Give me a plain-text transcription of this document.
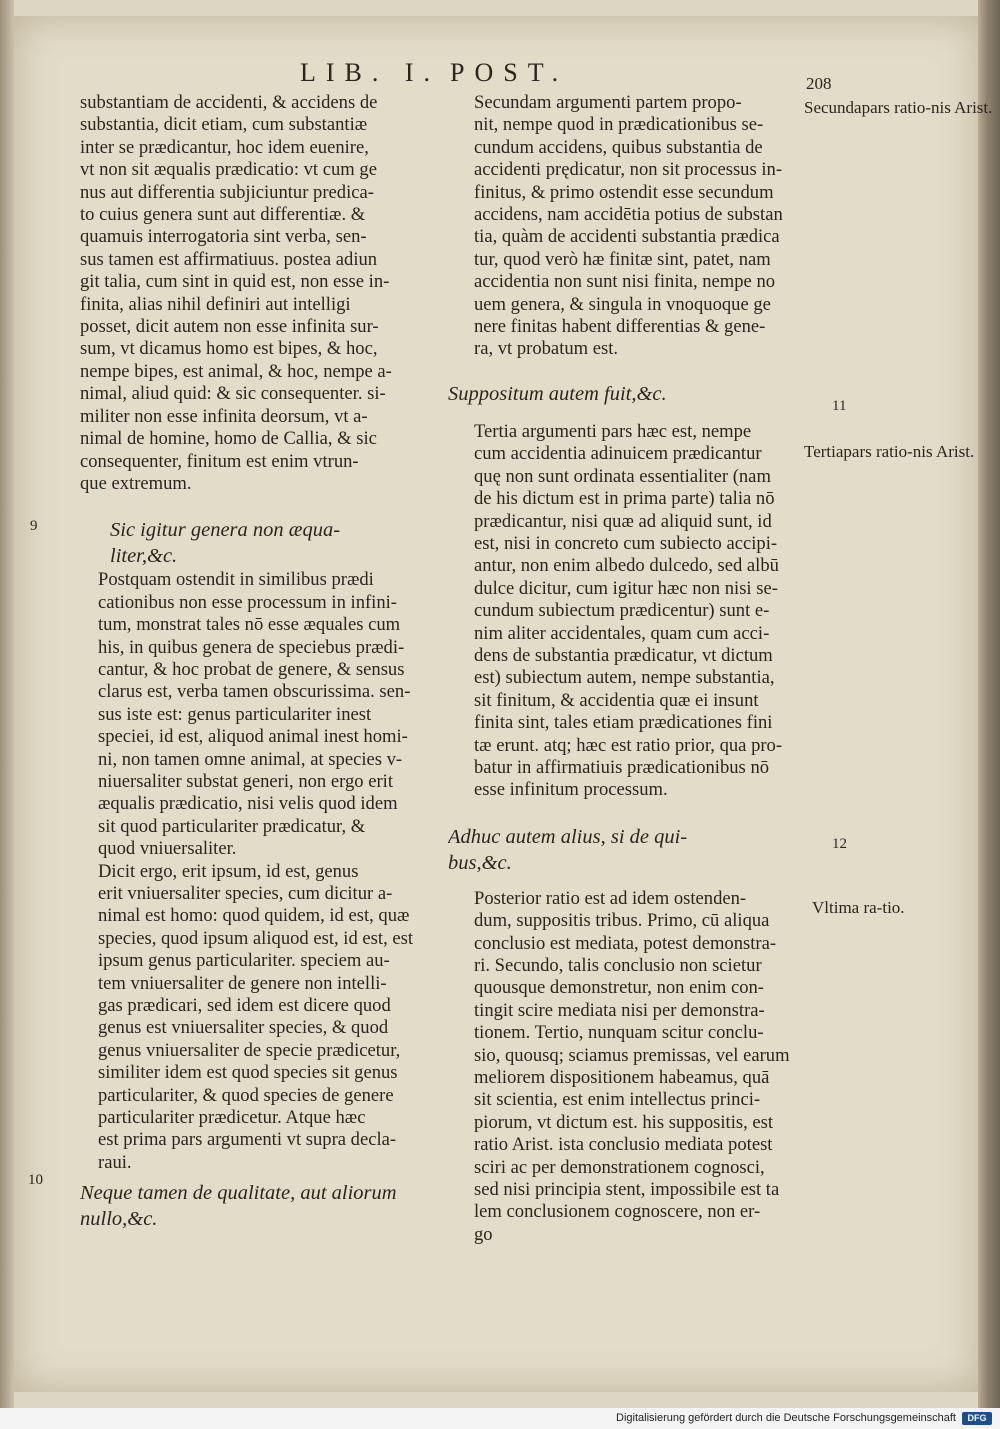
LIB. I. POST.	208

substantiam de accidenti, & accidens de
substantia, dicit etiam, cum substantiæ
inter se prædicantur, hoc idem euenire,
vt non sit æqualis prædicatio: vt cum ge
nus aut differentia subjiciuntur predica-
to cuius genera sunt aut differentiæ. &
quamuis interrogatoria sint verba, sen-
sus tamen est affirmatiuus. postea adiun
git talia, cum sint in quid est, non esse in-
finita, alias nihil definiri aut intelligi
posset, dicit autem non esse infinita sur-
sum, vt dicamus homo est bipes, & hoc,
nempe bipes, est animal, & hoc, nempe a-
nimal, aliud quid: & sic consequenter. si-
militer non esse infinita deorsum, vt a-
nimal de homine, homo de Callia, & sic
consequenter, finitum est enim vtrun-
que extremum.

Sic igitur genera non æqua-
liter,&c.

Postquam ostendit in similibus prædi
cationibus non esse processum in infini-
tum, monstrat tales nō esse æquales cum
his, in quibus genera de speciebus prædi-
cantur, & hoc probat de genere, & sensus
clarus est, verba tamen obscurissima. sen-
sus iste est: genus particulariter inest
speciei, id est, aliquod animal inest homi-
ni, non tamen omne animal, at species v-
niuersaliter substat generi, non ergo erit
æqualis prædicatio, nisi velis quod idem
sit quod particulariter prædicatur, &
quod vniuersaliter.

Dicit ergo, erit ipsum, id est, genus
erit vniuersaliter species, cum dicitur a-
nimal est homo: quod quidem, id est, quæ
species, quod ipsum aliquod est, id est, est
ipsum genus particulariter. speciem au-
tem vniuersaliter de genere non intelli-
gas prædicari, sed idem est dicere quod
genus est vniuersaliter species, & quod
genus vniuersaliter de specie prædicetur,
similiter idem est quod species sit genus
particulariter, & quod species de genere
particulariter prædicetur. Atque hæc
est prima pars argumenti vt supra decla-
raui.

Neque tamen de qualitate, aut aliorum
nullo,&c.

Secundam argumenti partem propo-
nit, nempe quod in prædicationibus se-
cundum accidens, quibus substantia de
accidenti prędicatur, non sit processus in-
finitus, & primo ostendit esse secundum
accidens, nam accidētia potius de substan
tia, quàm de accidenti substantia prædica
tur, quod verò hæ finitæ sint, patet, nam
accidentia non sunt nisi finita, nempe no
uem genera, & singula in vnoquoque ge
nere finitas habent differentias & gene-
ra, vt probatum est.

Suppositum autem fuit,&c.

Tertia argumenti pars hæc est, nempe
cum accidentia adinuicem prædicantur
quę non sunt ordinata essentialiter (nam
de his dictum est in prima parte) talia nō
prædicantur, nisi quæ ad aliquid sunt, id
est, nisi in concreto cum subiecto accipi-
antur, non enim albedo dulcedo, sed albū
dulce dicitur, cum igitur hæc non nisi se-
cundum subiectum prædicentur) sunt e-
nim aliter accidentales, quam cum acci-
dens de substantia prædicatur, vt dictum
est) subiectum autem, nempe substantia,
sit finitum, & accidentia quæ ei insunt
finita sint, tales etiam prædicationes fini
tæ erunt. atq; hæc est ratio prior, qua pro-
batur in affirmatiuis prædicationibus nō
esse infinitum processum.

Adhuc autem alius, si de qui-
bus,&c.

Posterior ratio est ad idem ostenden-
dum, suppositis tribus. Primo, cū aliqua
conclusio est mediata, potest demonstra-
ri. Secundo, talis conclusio non scietur
quousque demonstretur, non enim con-
tingit scire mediata nisi per demonstra-
tionem. Tertio, nunquam scitur conclu-
sio, quousq; sciamus premissas, vel earum
meliorem dispositionem habeamus, quā
sit scientia, est enim intellectus princi-
piorum, vt dictum est. his suppositis, est
ratio Arist. ista conclusio mediata potest
sciri ac per demonstrationem cognosci,
sed nisi principia stent, impossibile est ta
lem conclusionem cognoscere, non er-
go

Secundapars ratio-nis Arist.
Tertiapars ratio-nis Arist.
Vltima ra-tio.
9
10
11
12
Digitalisierung gefördert durch die Deutsche Forschungsgemeinschaft	DFG
